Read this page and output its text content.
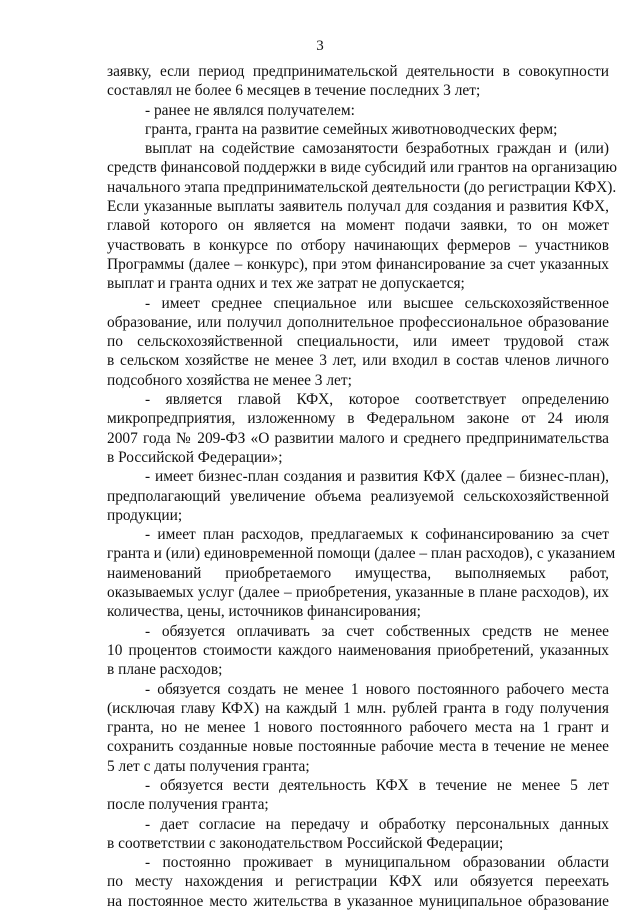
3

заявку, если период предпринимательской деятельности в совокупности

составлял не более 6 месяцев в течение последних 3 лет;

- ранее не являлся получателем:

гранта, гранта на развитие семейных животноводческих ферм;

выплат на содействие самозанятости безработных граждан и (или)

средств финансовой поддержки в виде субсидий или грантов на организацию

начального этапа предпринимательской деятельности (до регистрации КФХ).

Если указанные выплаты заявитель получал для создания и развития КФХ,

главой которого он является на момент подачи заявки, то он может

участвовать в конкурсе по отбору начинающих фермеров – участников

Программы (далее – конкурс), при этом финансирование за счет указанных

выплат и гранта одних и тех же затрат не допускается;

- имеет среднее специальное или высшее сельскохозяйственное

образование, или получил дополнительное профессиональное образование

по сельскохозяйственной специальности, или имеет трудовой стаж

в сельском хозяйстве не менее 3 лет, или входил в состав членов личного

подсобного хозяйства не менее 3 лет;

- является главой КФХ, которое соответствует определению

микропредприятия, изложенному в Федеральном законе от 24 июля

2007 года № 209-ФЗ «О развитии малого и среднего предпринимательства

в Российской Федерации»;

- имеет бизнес-план создания и развития КФХ (далее – бизнес-план),

предполагающий увеличение объема реализуемой сельскохозяйственной

продукции;

- имеет план расходов, предлагаемых к софинансированию за счет

гранта и (или) единовременной помощи (далее – план расходов), с указанием

наименований приобретаемого имущества, выполняемых работ,

оказываемых услуг (далее – приобретения, указанные в плане расходов), их

количества, цены, источников финансирования;

- обязуется оплачивать за счет собственных средств не менее

10 процентов стоимости каждого наименования приобретений, указанных

в плане расходов;

- обязуется создать не менее 1 нового постоянного рабочего места

(исключая главу КФХ) на каждый 1 млн. рублей гранта в году получения

гранта, но не менее 1 нового постоянного рабочего места на 1 грант и

сохранить созданные новые постоянные рабочие места в течение не менее

5 лет с даты получения гранта;

- обязуется вести деятельность КФХ в течение не менее 5 лет

после получения гранта;

- дает согласие на передачу и обработку персональных данных

в соответствии с законодательством Российской Федерации;

- постоянно проживает в муниципальном образовании области

по месту нахождения и регистрации КФХ или обязуется переехать

на постоянное место жительства в указанное муниципальное образование
